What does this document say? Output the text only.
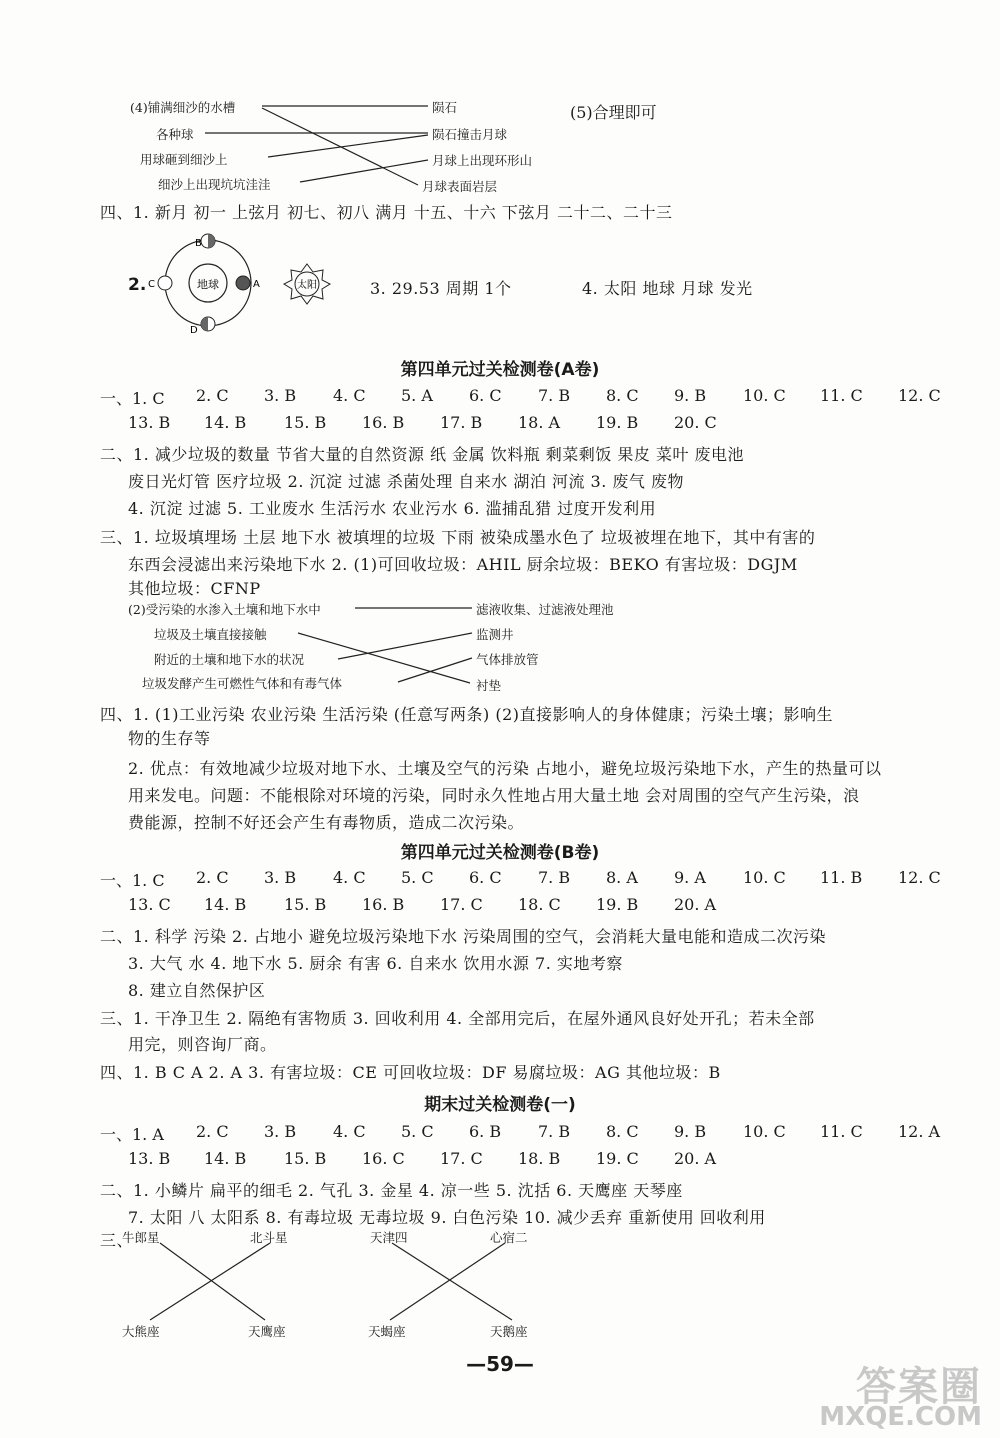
(4)铺满细沙的水槽
各种球
用球砸到细沙上
细沙上出现坑坑洼洼
陨石
陨石撞击月球
月球上出现环形山
月球表面岩层
(5)合理即可
四、1. 新月 初一 上弦月 初七、初八 满月 十五、十六 下弦月 二十二、二十三
2.	地球
B
C	A
D
太阳	3. 29.53 周期 1个	4. 太阳 地球 月球 发光
第四单元过关检测卷(A卷)
一、1. C 2. C 3. B 4. C 5. A 6. C 7. B 8. C 9. B 10. C 11. C 12. C
13. B 14. B 15. B 16. B 17. B 18. A 19. B 20. C
二、1. 减少垃圾的数量 节省大量的自然资源 纸 金属 饮料瓶 剩菜剩饭 果皮 菜叶 废电池
废日光灯管 医疗垃圾 2. 沉淀 过滤 杀菌处理 自来水 湖泊 河流 3. 废气 废物
4. 沉淀 过滤 5. 工业废水 生活污水 农业污水 6. 滥捕乱猎 过度开发利用
三、1. 垃圾填埋场 土层 地下水 被填埋的垃圾 下雨 被染成墨水色了 垃圾被埋在地下，其中有害的
东西会浸滤出来污染地下水 2. (1)可回收垃圾：AHIL 厨余垃圾：BEKO 有害垃圾：DGJM
其他垃圾：CFNP
(2)受污染的水渗入土壤和地下水中
垃圾及土壤直接接触
附近的土壤和地下水的状况
垃圾发酵产生可燃性气体和有毒气体
滤液收集、过滤液处理池
监测井
气体排放管
衬垫
四、1. (1)工业污染 农业污染 生活污染 (任意写两条) (2)直接影响人的身体健康；污染土壤；影响生
物的生存等
2. 优点：有效地减少垃圾对地下水、土壤及空气的污染 占地小，避免垃圾污染地下水，产生的热量可以
用来发电。问题：不能根除对环境的污染，同时永久性地占用大量土地 会对周围的空气产生污染，浪
费能源，控制不好还会产生有毒物质，造成二次污染。
第四单元过关检测卷(B卷)
一、1. C 2. C 3. B 4. C 5. C 6. C 7. B 8. A 9. A 10. C 11. B 12. C
13. C 14. B 15. B 16. B 17. C 18. C 19. B 20. A
二、1. 科学 污染 2. 占地小 避免垃圾污染地下水 污染周围的空气，会消耗大量电能和造成二次污染
3. 大气 水 4. 地下水 5. 厨余 有害 6. 自来水 饮用水源 7. 实地考察
8. 建立自然保护区
三、1. 干净卫生 2. 隔绝有害物质 3. 回收利用 4. 全部用完后，在屋外通风良好处开孔；若未全部
用完，则咨询厂商。
四、1. B C A 2. A 3. 有害垃圾：CE 可回收垃圾：DF 易腐垃圾：AG 其他垃圾：B
期末过关检测卷(一)
一、1. A 2. C 3. B 4. C 5. C 6. B 7. B 8. C 9. B 10. C 11. C 12. A
13. B 14. B 15. B 16. C 17. C 18. B 19. C 20. A
二、1. 小鳞片 扁平的细毛 2. 气孔 3. 金星 4. 凉一些 5. 沈括 6. 天鹰座 天琴座
7. 太阳 八 太阳系 8. 有毒垃圾 无毒垃圾 9. 白色污染 10. 减少丢弃 重新使用 回收利用
三、
牛郎星	北斗星	天津四	心宿二
大熊座	天鹰座	天蝎座	天鹅座
—59—	答案圈
MXQE.COM
